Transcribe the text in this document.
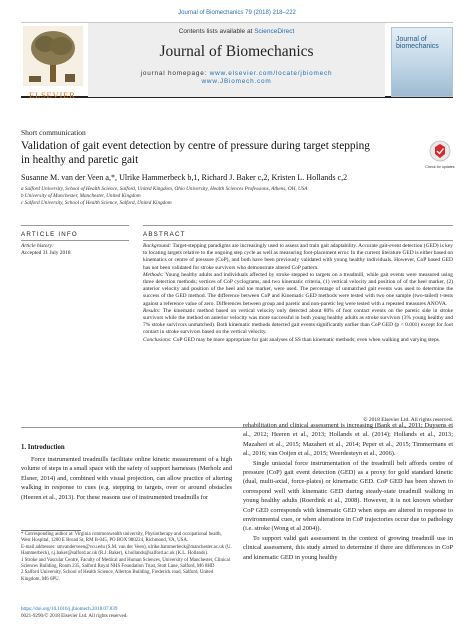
Journal of Biomechanics 79 (2018) 218–222
ELSEVIER
Contents lists available at ScienceDirect
Journal of Biomechanics
journal homepage: www.elsevier.com/locate/jbiomech
www.JBiomech.com
Journal of biomechanics
Short communication
Validation of gait event detection by centre of pressure during target stepping in healthy and paretic gait
Check for updates
Susanne M. van der Veen a,*, Ulrike Hammerbeck b,1, Richard J. Baker c,2, Kristen L. Hollands c,2
a Salford University, School of Health Science, Salford, United Kingdom, Ohio University, Health Sciences Professions, Athens, OH, USA
b University of Manchester, Manchester, United Kingdom
c Salford University, School of Health Science, Salford, United Kingdom
ARTICLE INFO	ABSTRACT
Article history:
Accepted 31 July 2018
Background: Target-stepping paradigms are increasingly used to assess and train gait adaptability. Accurate gait-event detection (GED) is key to locating targets relative to the ongoing step cycle as well as measuring foot-placement error. In the current literature GED is either based on kinematics or centre of pressure (CoP), and both have been previously validated with young healthy individuals. However, CoP based GED has not been validated for stroke survivors who demonstrate altered CoP pattern.
Methods: Young healthy adults and individuals affected by stroke stepped to targets on a treadmill, while gait events were measured using three detection methods; vertices of CoP cyclograms, and two kinematic criteria, (1) vertical velocity and position of of the heel marker, (2) anterior velocity and position of the heel and toe marker, were used. The percentage of unmatched gait events was used to determine the success of the GED method. The difference between CoP and Kinematic GED methods were tested with two one sample (two-tailed) t-tests against a reference value of zero. Differences between group and paretic and non-paretic leg were tested with a repeated measures ANOVA.
Results: The kinematic method based on vertical velocity only detected about 80% of foot contact events on the paretic side in stroke survivors while the method on anterior velocity was more successful in both young healthy adults as stroke survivors (3% young healthy and 7% stroke survivors unmatched). Both kinematic methods detected gait events significantly earlier than CoP GED (p < 0.001) except for foot contact in stroke survivors based on the vertical velocity.
Conclusions: CoP GED may be more appropriate for gait analyses of SS than kinematic methods; even when walking and varying steps.
© 2018 Elsevier Ltd. All rights reserved.
1. Introduction
Force instrumented treadmills facilitate online kinetic measurement of a high volume of steps in a small space with the safety of support harnesses (Merholz and Elsner, 2014) and, combined with visual projection, can allow practice of altering walking in response to cues (e.g. stepping to targets, over or around obstacles (Heeren et al., 2013). For these reasons use of instrumented treadmills for

rehabilitation and clinical assessment is increasing (Bank et al., 2011; Duysens et al., 2012; Heeren et al., 2013; Hollands et al. (2014); Hollands et al., 2013; Mazaheri et al., 2015; Mazaheri et al., 2014; Peper et al., 2015; Timmermans et al., 2016; van Ooijen et al., 2015; Weerdesteyn et al., 2006).

Single uniaxial force instrumentation of the treadmill belt affords centre of pressure (CoP) gait event detection (GED) as a proxy for gold standard kinetic (dual, multi-axial, force-plates) or kinematic GED. CoP GED has been shown to correspond well with kinematic GED during steady-state treadmill walking in young healthy adults (Roerdink et al., 2008). However, it is not known whether CoP GED corresponds with kinematic GED when steps are altered in response to environmental cues, or when alterations in CoP trajectories occur due to pathology (i.e. stroke (Wong et al 2004)).

To support valid gait assessment in the context of growing treadmill use in clinical assessment, this study aimed to determine if there are differences in CoP and kinematic GED in young healthy

* Corresponding author at: Virginia commonwealth university, Physiotherapy and occupational health, West Hospital, 1200 E Broad St, RM B-045, PO BOX 980224, Richmond, VA, USA.
E-mail addresses: smvanderveen@vcu.edu (S.M. van der Veen), ulrike.hammerbeck@manchester.ac.uk (U. Hammerbeck), r.j.baker@salford.ac.uk (R.J. Baker), k.hollands@salford.ac.uk (K.L. Hollands).
1 Stroke and Vascular Centre, Faculty of Medical and Human Sciences, University of Manchester, Clinical Sciences Building, Room 235, Salford Royal NHS Foundation Trust, Stott Lane, Salford, M6 8HD
2 Salford University, School of Health Science, Allerton Building, Frederick road, Salford, United Kingdom, M6 6PU.
https://doi.org/10.1016/j.jbiomech.2018.07.039
0021-9290/© 2018 Elsevier Ltd. All rights reserved.
